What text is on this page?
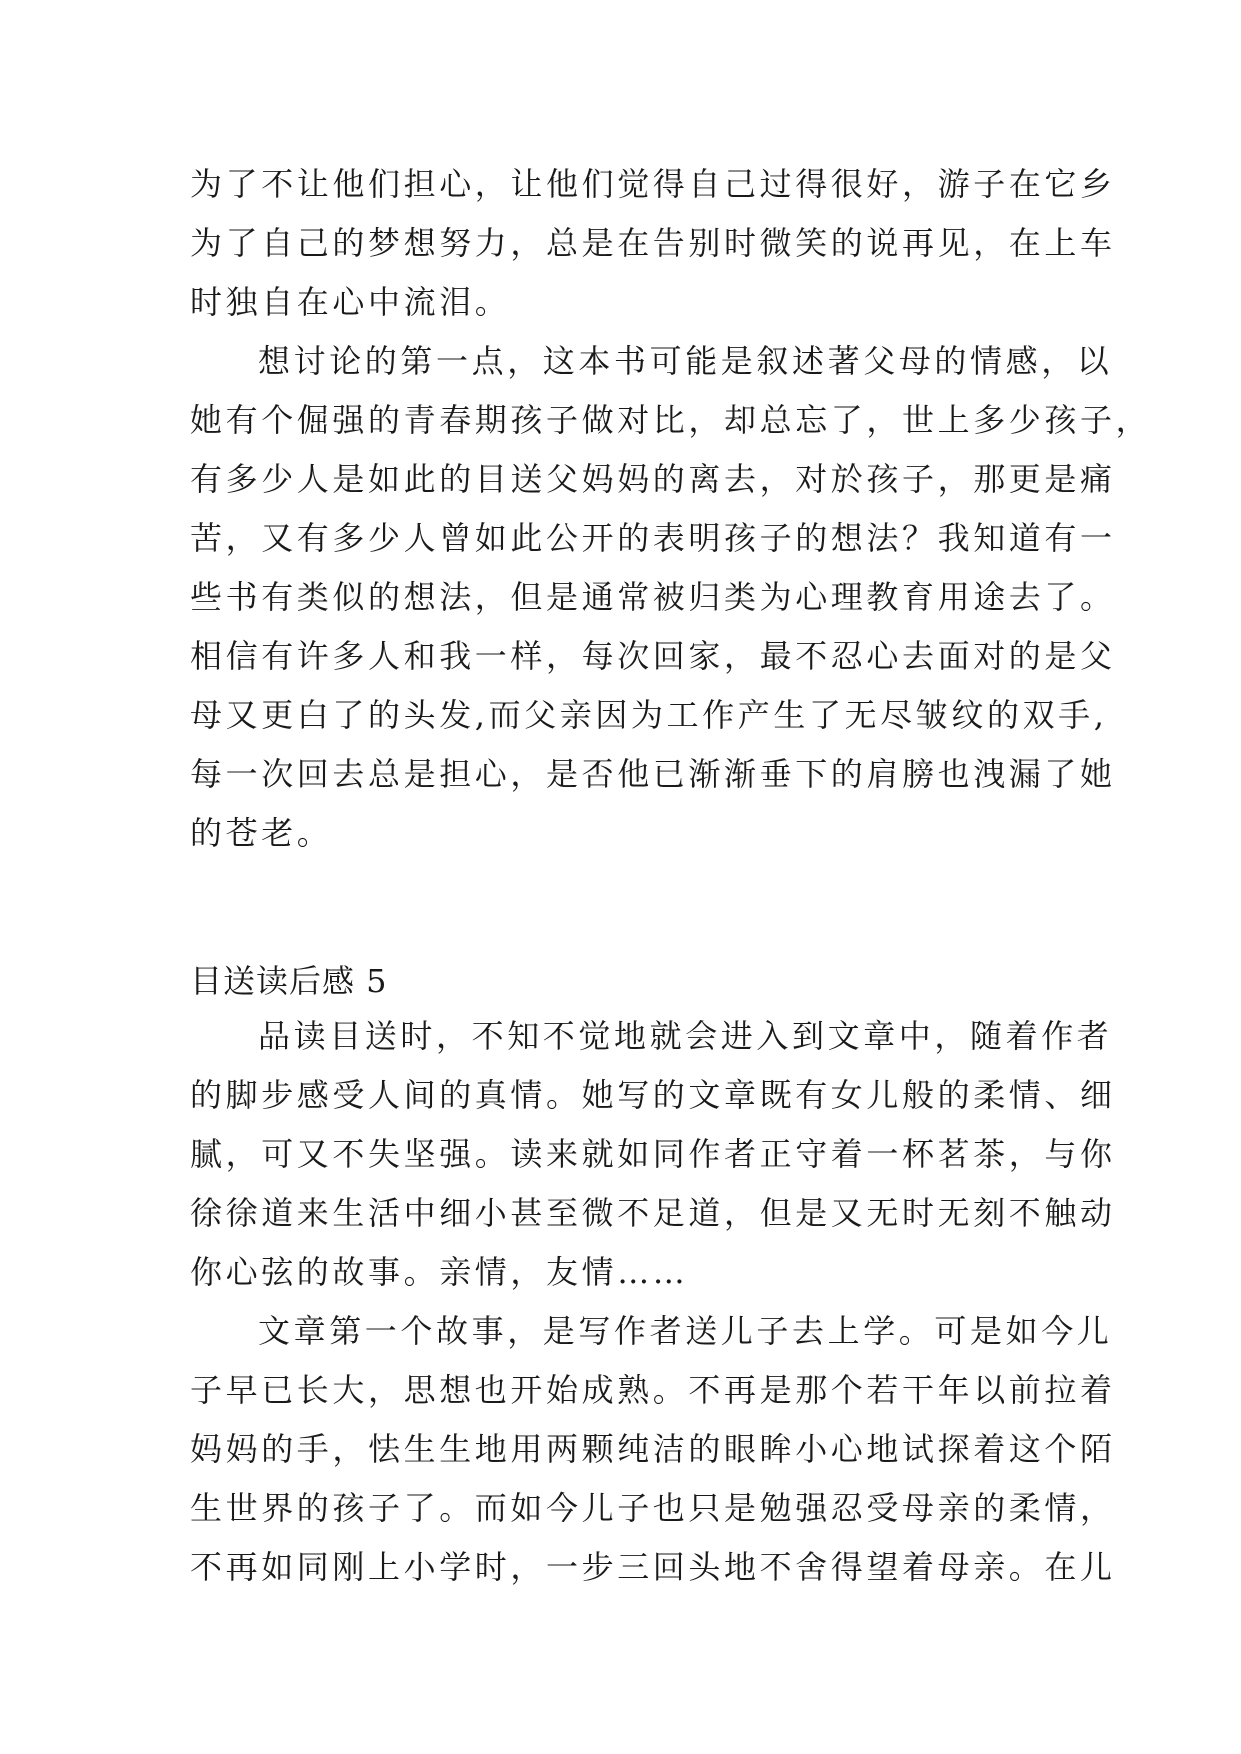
为了不让他们担心，让他们觉得自己过得很好，游子在它乡
为了自己的梦想努力，总是在告别时微笑的说再见，在上车
时独自在心中流泪。
想讨论的第一点，这本书可能是叙述著父母的情感，以
她有个倔强的青春期孩子做对比，却总忘了，世上多少孩子，
有多少人是如此的目送父妈妈的离去，对於孩子，那更是痛
苦，又有多少人曾如此公开的表明孩子的想法？我知道有一
些书有类似的想法，但是通常被归类为心理教育用途去了。
相信有许多人和我一样，每次回家，最不忍心去面对的是父
母又更白了的头发,而父亲因为工作产生了无尽皱纹的双手,
每一次回去总是担心，是否他已渐渐垂下的肩膀也洩漏了她
的苍老。
目送读后感 5
品读目送时，不知不觉地就会进入到文章中，随着作者
的脚步感受人间的真情。她写的文章既有女儿般的柔情、细
腻，可又不失坚强。读来就如同作者正守着一杯茗茶，与你
徐徐道来生活中细小甚至微不足道，但是又无时无刻不触动
你心弦的故事。亲情，友情……
文章第一个故事，是写作者送儿子去上学。可是如今儿
子早已长大，思想也开始成熟。不再是那个若干年以前拉着
妈妈的手，怯生生地用两颗纯洁的眼眸小心地试探着这个陌
生世界的孩子了。而如今儿子也只是勉强忍受母亲的柔情，
不再如同刚上小学时，一步三回头地不舍得望着母亲。在儿
